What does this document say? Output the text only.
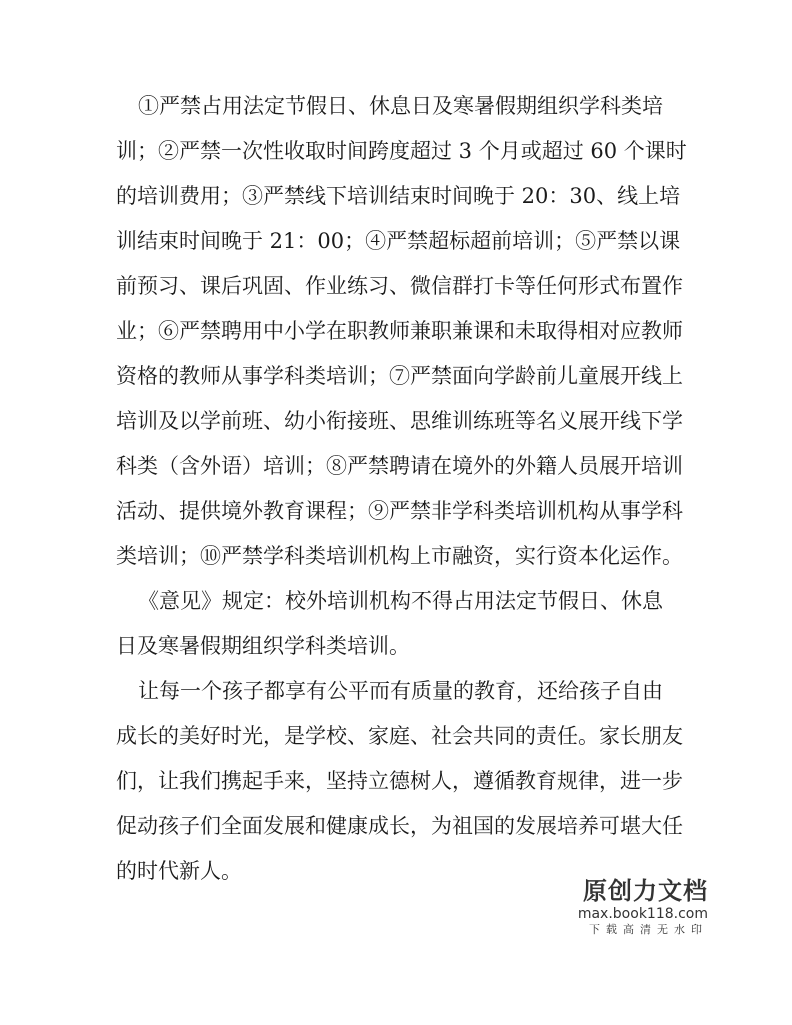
①严禁占用法定节假日、休息日及寒暑假期组织学科类培
训；②严禁一次性收取时间跨度超过 3 个月或超过 60 个课时
的培训费用；③严禁线下培训结束时间晚于 20：30、线上培
训结束时间晚于 21：00；④严禁超标超前培训；⑤严禁以课
前预习、课后巩固、作业练习、微信群打卡等任何形式布置作
业；⑥严禁聘用中小学在职教师兼职兼课和未取得相对应教师
资格的教师从事学科类培训；⑦严禁面向学龄前儿童展开线上
培训及以学前班、幼小衔接班、思维训练班等名义展开线下学
科类（含外语）培训；⑧严禁聘请在境外的外籍人员展开培训
活动、提供境外教育课程；⑨严禁非学科类培训机构从事学科
类培训；⑩严禁学科类培训机构上市融资，实行资本化运作。
《意见》规定：校外培训机构不得占用法定节假日、休息
日及寒暑假期组织学科类培训。
让每一个孩子都享有公平而有质量的教育，还给孩子自由
成长的美好时光，是学校、家庭、社会共同的责任。家长朋友
们，让我们携起手来，坚持立德树人，遵循教育规律，进一步
促动孩子们全面发展和健康成长，为祖国的发展培养可堪大任
的时代新人。
原创力文档
max.book118.com
下载高清无水印
